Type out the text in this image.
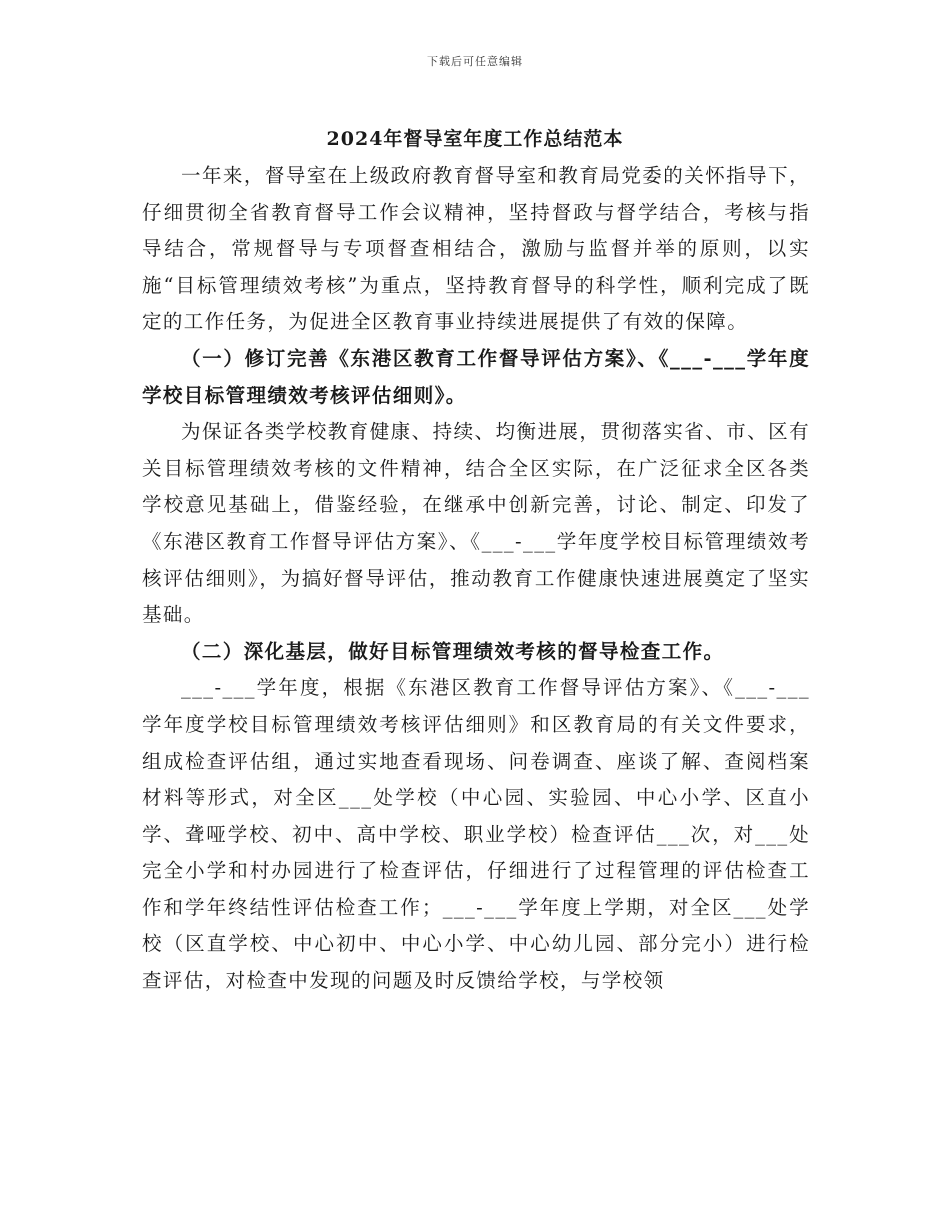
下载后可任意编辑
2024年督导室年度工作总结范本

一年来，督导室在上级政府教育督导室和教育局党委的关怀指导下，仔细贯彻全省教育督导工作会议精神，坚持督政与督学结合，考核与指导结合，常规督导与专项督查相结合，激励与监督并举的原则，以实施“目标管理绩效考核”为重点，坚持教育督导的科学性，顺利完成了既定的工作任务，为促进全区教育事业持续进展提供了有效的保障。

（一）修订完善《东港区教育工作督导评估方案》、《___-___学年度学校目标管理绩效考核评估细则》。

为保证各类学校教育健康、持续、均衡进展，贯彻落实省、市、区有关目标管理绩效考核的文件精神，结合全区实际，在广泛征求全区各类学校意见基础上，借鉴经验，在继承中创新完善，讨论、制定、印发了《东港区教育工作督导评估方案》、《___-___学年度学校目标管理绩效考核评估细则》，为搞好督导评估，推动教育工作健康快速进展奠定了坚实基础。

（二）深化基层，做好目标管理绩效考核的督导检查工作。

___-___学年度，根据《东港区教育工作督导评估方案》、《___-___学年度学校目标管理绩效考核评估细则》和区教育局的有关文件要求，组成检查评估组，通过实地查看现场、问卷调查、座谈了解、查阅档案材料等形式，对全区___处学校（中心园、实验园、中心小学、区直小学、聋哑学校、初中、高中学校、职业学校）检查评估___次，对___处完全小学和村办园进行了检查评估，仔细进行了过程管理的评估检查工作和学年终结性评估检查工作；___-___学年度上学期，对全区___处学校（区直学校、中心初中、中心小学、中心幼儿园、部分完小）进行检查评估，对检查中发现的问题及时反馈给学校，与学校领
